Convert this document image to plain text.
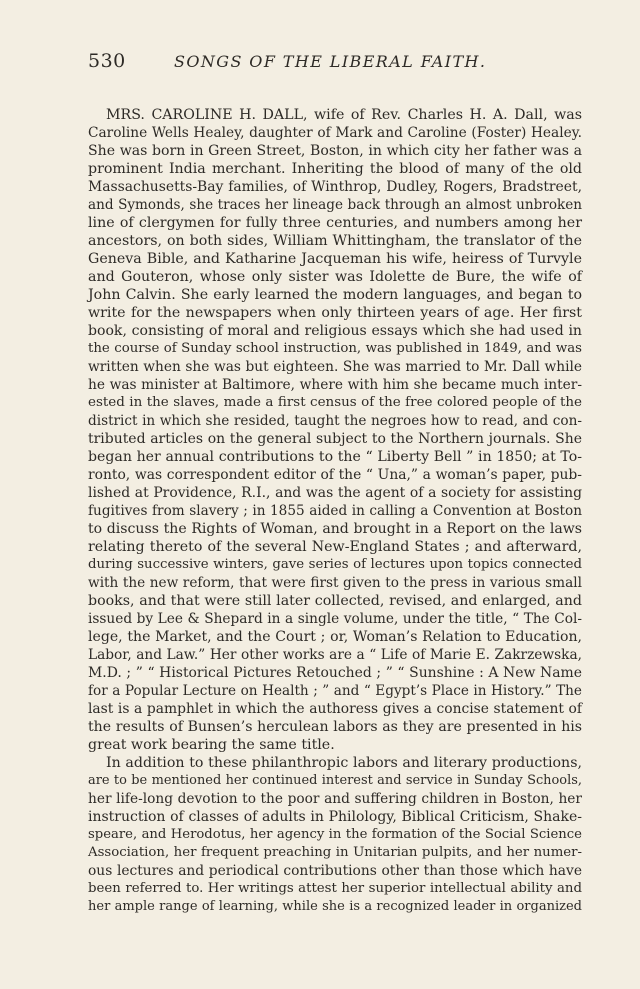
530	SONGS OF THE LIBERAL FAITH.
MRS. CAROLINE H. DALL, wife of Rev. Charles H. A. Dall, was
Caroline Wells Healey, daughter of Mark and Caroline (Foster) Healey.
She was born in Green Street, Boston, in which city her father was a
prominent India merchant. Inheriting the blood of many of the old
Massachusetts-Bay families, of Winthrop, Dudley, Rogers, Bradstreet,
and Symonds, she traces her lineage back through an almost unbroken
line of clergymen for fully three centuries, and numbers among her
ancestors, on both sides, William Whittingham, the translator of the
Geneva Bible, and Katharine Jacqueman his wife, heiress of Turvyle
and Gouteron, whose only sister was Idolette de Bure, the wife of
John Calvin. She early learned the modern languages, and began to
write for the newspapers when only thirteen years of age. Her first
book, consisting of moral and religious essays which she had used in
the course of Sunday school instruction, was published in 1849, and was
written when she was but eighteen. She was married to Mr. Dall while
he was minister at Baltimore, where with him she became much inter-
ested in the slaves, made a first census of the free colored people of the
district in which she resided, taught the negroes how to read, and con-
tributed articles on the general subject to the Northern journals. She
began her annual contributions to the “ Liberty Bell ” in 1850; at To-
ronto, was correspondent editor of the “ Una,” a woman’s paper, pub-
lished at Providence, R.I., and was the agent of a society for assisting
fugitives from slavery ; in 1855 aided in calling a Convention at Boston
to discuss the Rights of Woman, and brought in a Report on the laws
relating thereto of the several New-England States ; and afterward,
during successive winters, gave series of lectures upon topics connected
with the new reform, that were first given to the press in various small
books, and that were still later collected, revised, and enlarged, and
issued by Lee & Shepard in a single volume, under the title, “ The Col-
lege, the Market, and the Court ; or, Woman’s Relation to Education,
Labor, and Law.” Her other works are a “ Life of Marie E. Zakrzewska,
M.D. ; ” “ Historical Pictures Retouched ; ” “ Sunshine : A New Name
for a Popular Lecture on Health ; ” and “ Egypt’s Place in History.” The
last is a pamphlet in which the authoress gives a concise statement of
the results of Bunsen’s herculean labors as they are presented in his
great work bearing the same title.
In addition to these philanthropic labors and literary productions,
are to be mentioned her continued interest and service in Sunday Schools,
her life-long devotion to the poor and suffering children in Boston, her
instruction of classes of adults in Philology, Biblical Criticism, Shake-
speare, and Herodotus, her agency in the formation of the Social Science
Association, her frequent preaching in Unitarian pulpits, and her numer-
ous lectures and periodical contributions other than those which have
been referred to. Her writings attest her superior intellectual ability and
her ample range of learning, while she is a recognized leader in organized
